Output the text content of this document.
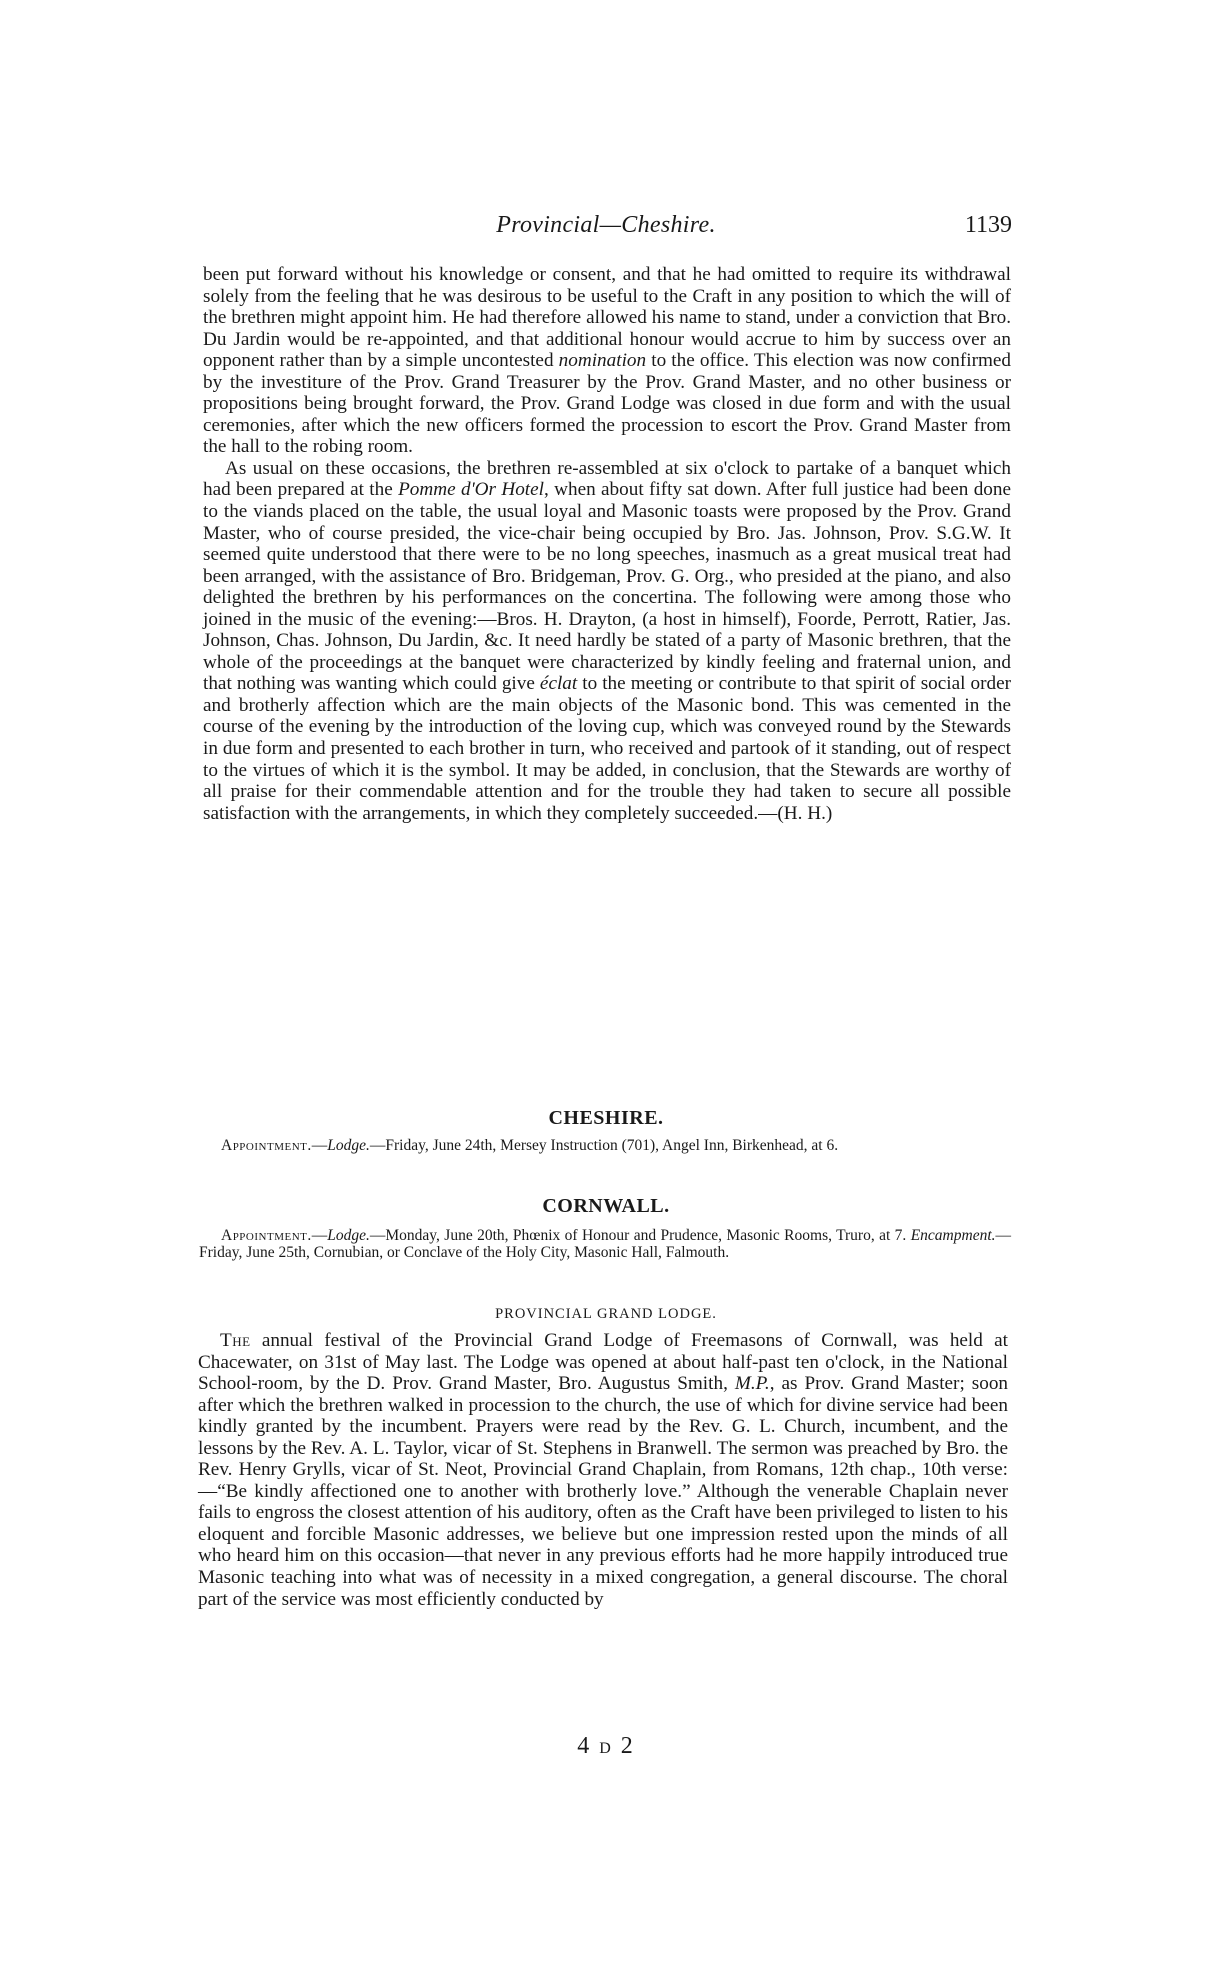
Provincial—Cheshire.	1139

been put forward without his knowledge or consent, and that he had omitted to require its withdrawal solely from the feeling that he was desirous to be useful to the Craft in any position to which the will of the brethren might appoint him. He had therefore allowed his name to stand, under a conviction that Bro. Du Jardin would be re-appointed, and that additional honour would accrue to him by success over an opponent rather than by a simple uncontested nomination to the office. This election was now confirmed by the investiture of the Prov. Grand Treasurer by the Prov. Grand Master, and no other business or propositions being brought forward, the Prov. Grand Lodge was closed in due form and with the usual ceremonies, after which the new officers formed the procession to escort the Prov. Grand Master from the hall to the robing room.

As usual on these occasions, the brethren re-assembled at six o'clock to partake of a banquet which had been prepared at the Pomme d'Or Hotel, when about fifty sat down. After full justice had been done to the viands placed on the table, the usual loyal and Masonic toasts were proposed by the Prov. Grand Master, who of course presided, the vice-chair being occupied by Bro. Jas. Johnson, Prov. S.G.W. It seemed quite understood that there were to be no long speeches, inasmuch as a great musical treat had been arranged, with the assistance of Bro. Bridgeman, Prov. G. Org., who presided at the piano, and also delighted the brethren by his performances on the concertina. The following were among those who joined in the music of the evening:—Bros. H. Drayton, (a host in himself), Foorde, Perrott, Ratier, Jas. Johnson, Chas. Johnson, Du Jardin, &c. It need hardly be stated of a party of Masonic brethren, that the whole of the proceedings at the banquet were characterized by kindly feeling and fraternal union, and that nothing was wanting which could give éclat to the meeting or contribute to that spirit of social order and brotherly affection which are the main objects of the Masonic bond. This was cemented in the course of the evening by the introduction of the loving cup, which was conveyed round by the Stewards in due form and presented to each brother in turn, who received and partook of it standing, out of respect to the virtues of which it is the symbol. It may be added, in conclusion, that the Stewards are worthy of all praise for their commendable attention and for the trouble they had taken to secure all possible satisfaction with the arrangements, in which they completely succeeded.—(H. H.)

CHESHIRE.

Appointment.—Lodge.—Friday, June 24th, Mersey Instruction (701), Angel Inn, Birkenhead, at 6.

CORNWALL.

Appointment.—Lodge.—Monday, June 20th, Phœnix of Honour and Prudence, Masonic Rooms, Truro, at 7. Encampment.—Friday, June 25th, Cornubian, or Conclave of the Holy City, Masonic Hall, Falmouth.

PROVINCIAL GRAND LODGE.

The annual festival of the Provincial Grand Lodge of Freemasons of Cornwall, was held at Chacewater, on 31st of May last. The Lodge was opened at about half-past ten o'clock, in the National School-room, by the D. Prov. Grand Master, Bro. Augustus Smith, M.P., as Prov. Grand Master; soon after which the brethren walked in procession to the church, the use of which for divine service had been kindly granted by the incumbent. Prayers were read by the Rev. G. L. Church, incumbent, and the lessons by the Rev. A. L. Taylor, vicar of St. Stephens in Branwell. The sermon was preached by Bro. the Rev. Henry Grylls, vicar of St. Neot, Provincial Grand Chaplain, from Romans, 12th chap., 10th verse:—“Be kindly affectioned one to another with brotherly love.” Although the venerable Chaplain never fails to engross the closest attention of his auditory, often as the Craft have been privileged to listen to his eloquent and forcible Masonic addresses, we believe but one impression rested upon the minds of all who heard him on this occasion—that never in any previous efforts had he more happily introduced true Masonic teaching into what was of necessity in a mixed congregation, a general discourse. The choral part of the service was most efficiently conducted by

4 D 2
